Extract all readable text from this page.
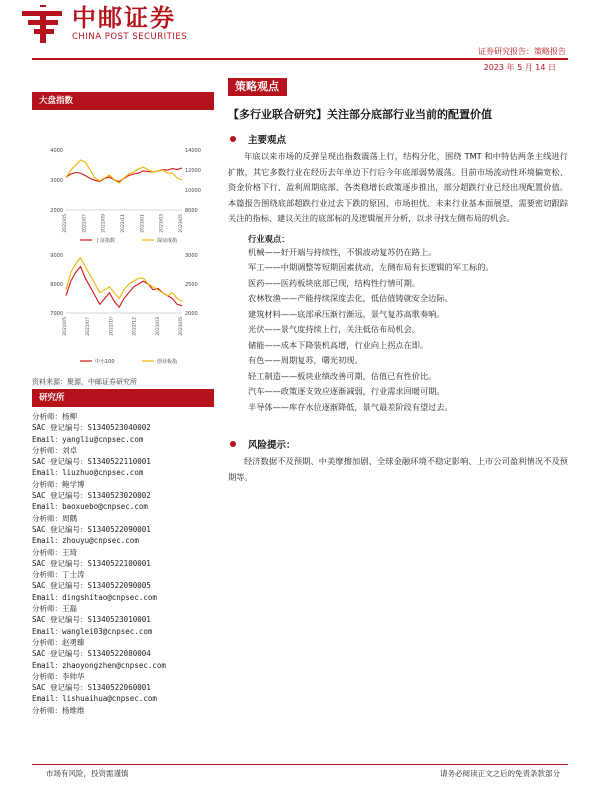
中邮证券
CHINA POST SECURITIES
证券研究报告：策略报告
2023 年 5 月 14 日
大盘指数
4000
3000
2000
14000
12000
10000
8000
2022/05	2022/07	2022/09	2022/11	2023/01	2023/03	2023/05
上证指数	深证成指
9000
8000
7000
3000
2500
2000
2022/05	2022/07	2022/10	2022/12	2023/03	2023/05
中小100	创业板指
资料来源：聚源，中邮证券研究所
研究所
分析师：杨柳
SAC 登记编号：S1340523040002
Email：yangliu@cnpsec.com
分析师：刘卓
SAC 登记编号：S1340522110001
Email：liuzhuo@cnpsec.com
分析师：鲍学博
SAC 登记编号：S1340523020002
Email：baoxuebo@cnpsec.com
分析师：周隅
SAC 登记编号：S1340522090001
Email：zhouyu@cnpsec.com
分析师：王琦
SAC 登记编号：S1340522100001
分析师：丁士涛
SAC 登记编号：S1340522090005
Email：dingshitao@cnpsec.com
分析师：王磊
SAC 登记编号：S1340523010001
Email：wanglei03@cnpsec.com
分析师：赵勇臻
SAC 登记编号：S1340522080004
Email：zhaoyongzhen@cnpsec.com
分析师：李帅华
SAC 登记编号：S1340522060001
Email：lishuaihua@cnpsec.com
分析师：杨维维
策略观点
【多行业联合研究】关注部分底部行业当前的配置价值
主要观点
年底以来市场的反弹呈现出指数震荡上行，结构分化，围绕 TMT 和中特估两条主线进行扩散，其它多数行业在经历去年单边下行后今年底部弱势震荡。目前市场流动性环境偏宽松、资金价格下行、盈利周期底部、各类稳增长政策逐步推出，部分超跌行业已经出现配置价值。本篇报告围绕底部超跌行业过去下跌的原因、市场担忧、未来行业基本面展望、需要密切跟踪关注的指标、建议关注的底部标的及逻辑展开分析，以求寻找左侧布局的机会。
行业观点：
机械——好开端与持续性，不惧波动复苏仍在路上。
军工——中期调整等短期因素扰动，左侧布局有长逻辑的军工标的。
医药——医药板块底部已现，结构性行情可期。
农林牧渔——产能持续深度去化，低估值铸就安全边际。
建筑材料——底部承压渐行渐远，景气复苏高歌奏响。
光伏——景气度持续上行，关注低估布局机会。
储能——成本下降装机高增，行业向上拐点在即。
有色——周期复苏，曙光初现。
轻工制造——板块业绩改善可期，估值已有性价比。
汽车——政策逐支效应逐渐减弱，行业需求回暖可期。
半导体——库存水位逐渐降低，景气最差阶段有望过去。
风险提示：
经济数据不及预期、中美摩擦加剧、全球金融环境不稳定影响、上市公司盈利情况不及预期等。
市场有风险，投资需谨慎	请务必阅读正文之后的免责条款部分
